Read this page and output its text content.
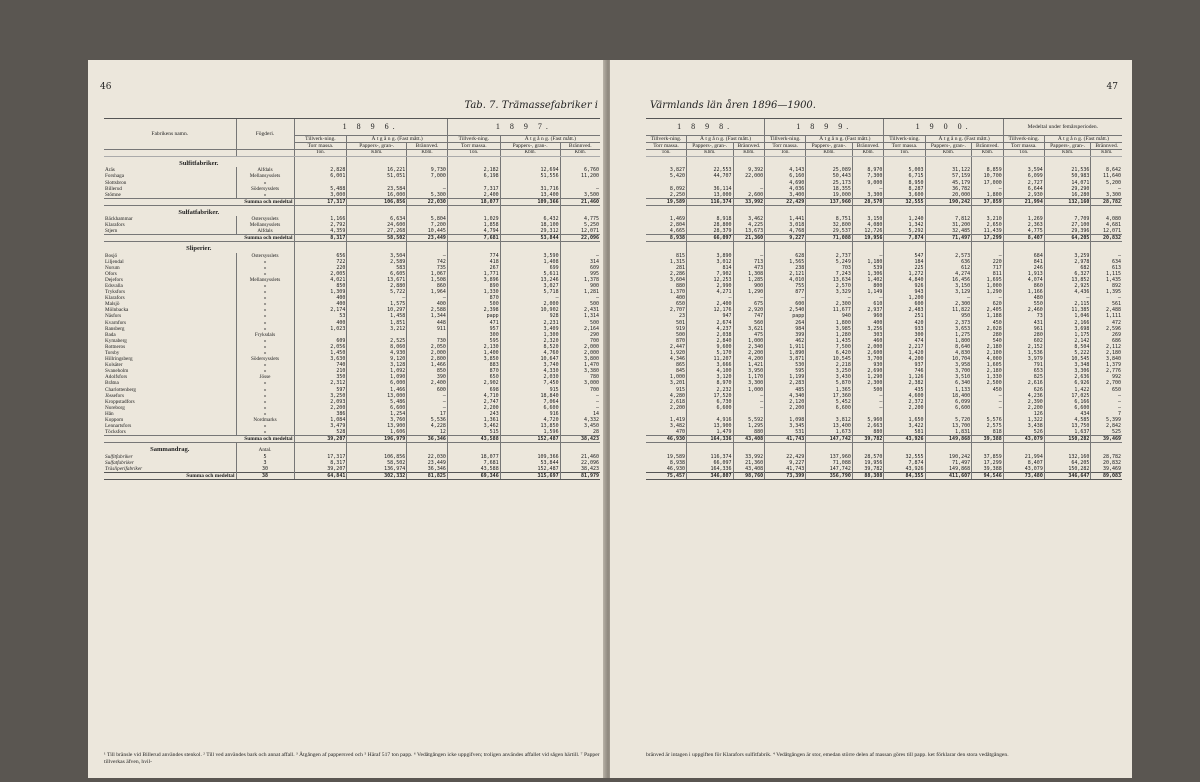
46
Tab. 7. Trämassefabriker i
Fabrikens namn.	Fögderi.	1 8 9 6.			1 8 9 7.		
		Tillverk-ning.	Å t g å n g. (Fast mått.)		Tillverk-ning.	Å t g å n g. (Fast mått.)	
		Torr massa.	Pappers-, gran-.	Brännved.	Torr massa.	Pappers-, gran-.	Brännved.
		Ton.	Kbm.	Kbm.	Ton.	Kbm.	Kbm.
Sulfitfabriker.							
Åräs	Älfdals	2,828	16,221	9,730	2,182	12,694	6,760
Forshaga	Mellansysslets	6,001	51,051	7,000	6,198	51,556	11,200
Slottsbron	»						
Billerud	Södersysslets	5,488	23,584	—	7,317	31,716	—
Stömne	»	3,000	16,000	5,300	2,400	13,400	3,500
Summa och medeltal		17,317	106,856	22,030	18,077	109,366	21,460
Sulfatfabriker.							
Bäckhammar	Östersysslets	1,166	6,634	5,804	1,029	6,432	4,775
Klarafors	Mellansysslets	2,792	24,600	7,200	1,858	18,100	5,250
Stjern	Älfdals	4,359	27,268	10,445	4,794	29,312	12,071
Summa och medeltal		8,317	58,502	23,449	7,681	53,844	22,096
Sliperier.							
Bosjö	Östersysslets	656	3,504	—	774	3,590	—
Liljendal	»	722	2,589	742	418	1,408	314
Norum	»	220	583	735	267	699	609
Ofors	»	2,005	6,605	1,067	1,771	5,611	995
Dejefors	Mellansysslets	4,021	13,671	1,508	3,896	13,246	1,378
Edsvalla	»	850	2,880	860	890	3,027	900
Tryksfors	»	1,309	5,722	1,964	1,330	5,718	1,281
Klarafors	»	400	—	—	870	—	—
Malsjö	»	400	1,575	400	500	2,000	500
Mölnbacka	»	2,174	10,297	2,588	2,398	10,902	2,431
Näsfors	»	53	1,458	1,344	papp	928	1,314
Kvarnfors	»	400	1,851	448	471	2,231	500
Ransberg	»	1,023	3,212	911	957	3,409	2,164
Bada	Fryksdals				300	1,300	290
Kymaberg	»	609	2,525	730	595	2,320	700
Rottneros	»	2,056	8,060	2,050	2,130	8,520	2,000
Torsby	»	1,450	4,930	2,000	1,400	4,760	2,000
Hillringsberg	Södersysslets	3,630	9,120	2,800	3,850	10,647	3,800
Kolsäter	»	740	3,128	1,466	883	3,740	1,470
Svaneholm	»	210	1,092	850	870	4,330	3,380
Adolfsfors	Jösse	350	1,090	390	650	2,030	780
Bråtna	»	2,312	6,000	2,400	2,902	7,450	3,000
Charlottenberg	»	597	1,466	600	698	915	700
Jössefors	»	3,250	13,000	—	4,710	18,840	—
Kroppstadfors	»	2,093	5,486	—	2,747	7,064	—
Noreborg	»	2,200	6,600	—	2,200	6,600	—
Hån	»	386	1,254	17	243	916	14
Koppom	Nordmarks	1,084	3,760	5,536	1,361	4,720	4,332
Lennartsfors	»	3,479	13,900	4,228	3,462	13,850	3,450
Töcksfors	»	528	1,606	12	515	1,596	28
Summa och medeltal		39,207	196,979	36,346	43,588	152,487	38,423
Sammandrag.	Antal.						
Sulfitfabriker	5	17,317	106,856	22,030	18,077	109,366	21,460
Sulfatfabriker	3	8,317	58,502	23,449	7,681	53,844	22,096
Träsliperifabriker	30	39,207	136,974	36,346	43,588	152,487	38,423
Summa och medeltal	38	64,841	302,332	81,825	69,346	315,697	81,979
¹ Till bränsle vid Billerud användes stenkol. ² Till ved användes bark och annat affall. ³ Åtgången af pappersved och ⁵ Häraf 517 ton papp. ⁶ Vedåtgången icke uppgifven; troligen användes affallet vid sågen härtill. ⁷ Papper tillverkas äfven, hvil-
47
Värmlands län åren 1896—1900.
1 8 9 8.			1 8 9 9.			1 9 0 0.			Medeltal under femårsperioden.		
Tillverk-ning.	Å t g å n g. (Fast mått.)		Tillverk-ning.	Å t g å n g. (Fast mått.)		Tillverk-ning.	Å t g å n g. (Fast mått.)		Tillverk-ning.	Å t g å n g. (Fast mått.)	
Torr massa.	Pappers-, gran-.	Brännved.	Torr massa.	Pappers-, gran-.	Brännved.	Torr massa.	Pappers-, gran-.	Brännved.	Torr massa.	Pappers-, gran-.	Brännved.
Ton.	Kbm.	Kbm.	Ton.	Kbm.	Kbm.	Ton.	Kbm.	Kbm.	Ton.	Kbm.	Kbm.

3,827	22,553	9,392	4,143	25,089	8,970	5,003	31,122	8,859	3,594	21,536	8,642
5,420	44,707	22,000	6,160	50,443	7,300	6,715	57,159	10,700	6,099	50,983	11,640
			4,690	25,173	9,000	8,950	45,179	17,000	2,727	14,071	5,200
8,092	36,114	—	4,036	18,355	—	8,287	36,782	—	6,644	29,290	—
2,250	13,000	2,600	3,400	19,000	3,300	3,600	20,000	1,800	2,930	16,280	3,300
19,589	116,374	33,992	22,429	137,960	28,570	32,555	190,242	37,859	21,994	132,160	28,782

1,469	8,918	3,462	1,441	8,751	3,150	1,240	7,812	3,210	1,269	7,709	4,080
2,804	28,800	4,225	3,018	32,800	4,080	1,342	31,200	2,650	2,363	27,100	4,681
4,665	28,379	13,673	4,768	29,537	12,726	5,292	32,485	11,439	4,775	29,396	12,071
8,938	66,097	21,360	9,227	71,088	19,956	7,874	71,497	17,299	8,407	64,205	20,832

815	3,890	—	628	2,737	—	547	2,573	—	684	3,259	—
1,315	3,012	713	1,565	5,249	1,180	184	636	220	841	2,978	634
281	814	473	238	703	539	225	612	717	246	682	613
2,286	7,902	1,308	2,121	7,243	1,306	1,272	4,274	811	1,913	6,327	1,115
3,604	12,253	1,285	4,010	13,634	1,402	4,840	16,456	1,695	4,074	13,852	1,435
880	2,990	900	755	2,570	800	926	3,150	1,000	860	2,925	892
1,370	4,271	1,290	877	3,329	1,149	943	3,129	1,290	1,166	4,436	1,395
400	—	—	—	—	—	1,200	—	—	480	—	—
650	2,400	675	600	2,300	610	600	2,300	620	550	2,115	561
2,707	12,176	2,920	2,540	11,677	2,937	2,483	11,822	2,405	2,460	11,385	2,488
23	947	747	papp	940	960	251	950	1,188	73	1,046	1,111
501	2,674	560	264	1,800	400	420	2,373	450	431	2,166	472
919	4,237	3,621	984	3,985	3,256	933	3,653	2,028	961	3,698	2,596
500	2,038	475	399	1,280	303	300	1,275	280	280	1,175	269
870	2,840	1,000	462	1,435	460	474	1,800	540	602	2,142	686
2,447	9,600	2,340	1,911	7,500	2,000	2,217	8,640	2,180	2,152	8,504	2,112
1,920	5,170	2,200	1,890	6,420	2,600	1,420	4,830	2,100	1,536	5,222	2,180
4,346	11,207	4,200	3,871	10,545	3,700	4,200	10,704	4,000	3,979	10,545	3,840
865	3,666	1,421	530	2,218	930	937	3,958	1,605	791	3,348	1,379
845	4,100	3,950	595	3,250	2,690	746	3,700	2,180	653	3,306	2,776
1,000	3,120	1,170	1,199	3,430	1,290	1,126	3,510	1,330	825	2,636	992
3,201	8,970	3,300	2,283	5,870	2,300	2,382	6,340	2,500	2,616	6,926	2,700
915	2,232	1,000	485	1,365	500	435	1,133	450	626	1,422	650
4,280	17,520	—	4,340	17,360	—	4,600	18,400	—	4,236	17,025	—
2,618	6,730	—	2,120	5,452	—	2,372	6,099	—	2,390	6,166	—
2,200	6,600	—	2,200	6,600	—	2,200	6,600	—	2,200	6,600	—
									126	434	7
1,419	4,916	5,592	1,098	3,812	5,960	1,650	5,720	5,576	1,322	4,585	5,399
3,482	13,900	1,295	3,345	13,400	2,663	3,422	13,700	2,575	3,438	13,750	2,842
470	1,479	880	531	1,673	880	581	1,831	818	526	1,637	525
46,930	164,336	43,408	41,743	147,742	39,782	43,926	149,868	39,388	43,079	150,282	39,469

19,589	116,374	33,992	22,429	137,960	28,570	32,555	190,242	37,859	21,994	132,160	28,782
8,938	66,097	21,360	9,227	71,088	19,956	7,874	71,497	17,299	8,407	64,205	20,832
46,930	164,336	43,408	41,743	147,742	39,782	43,926	149,868	39,388	43,079	150,282	39,469
75,457	346,807	98,760	73,399	356,790	88,308	84,355	411,607	94,546	73,480	346,647	89,083
bränved är intagen i uppgiften för Klarafors sulfitfabrik. ⁴ Vedåtgången är stor, emedan större delen af massan göres till papp. ket förklarar den stora vedåtgången.
